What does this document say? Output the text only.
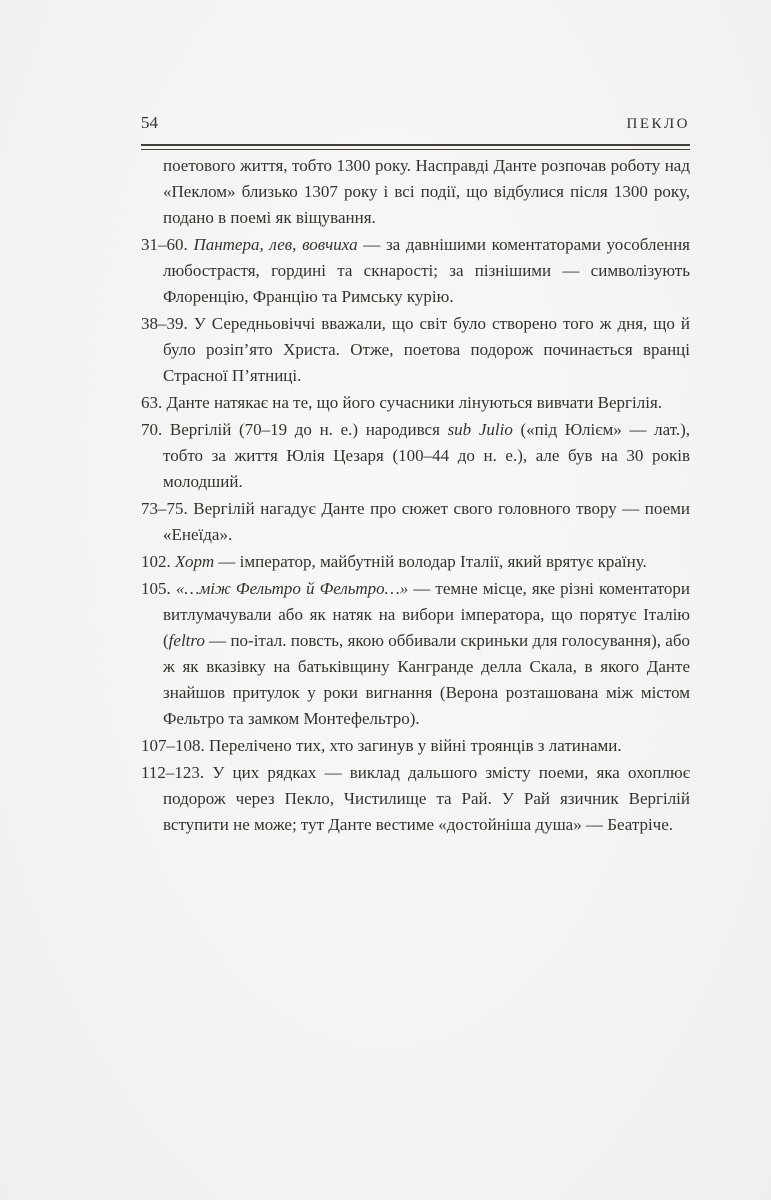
54	ПЕКЛО

поетового життя, тобто 1300 року. Насправді Данте розпочав роботу над «Пеклом» близько 1307 року і всі події, що відбулися після 1300 року, подано в поемі як віщування.

31–60. Пантера, лев, вовчиха — за давнішими коментаторами уособлення любострастя, гордині та скнарості; за пізнішими — символізують Флоренцію, Францію та Римську курію.

38–39. У Середньовіччі вважали, що світ було створено того ж дня, що й було розіп’ято Христа. Отже, поетова подорож починається вранці Страсної П’ятниці.

63. Данте натякає на те, що його сучасники лінуються вивчати Вергілія.

70. Вергілій (70–19 до н. е.) народився sub Julio («під Юлієм» — лат.), тобто за життя Юлія Цезаря (100–44 до н. е.), але був на 30 років молодший.

73–75. Вергілій нагадує Данте про сюжет свого головного твору — поеми «Енеїда».

102. Хорт — імператор, майбутній володар Італії, який врятує країну.

105. «…між Фельтро й Фельтро…» — темне місце, яке різні коментатори витлумачували або як натяк на вибори імператора, що порятує Італію (feltro — по-італ. повсть, якою оббивали скриньки для голосування), або ж як вказівку на батьківщину Кангранде делла Скала, в якого Данте знайшов притулок у роки вигнання (Верона розташована між містом Фельтро та замком Монтефельтро).

107–108. Перелічено тих, хто загинув у війні троянців з латинами.

112–123. У цих рядках — виклад дальшого змісту поеми, яка охоплює подорож через Пекло, Чистилище та Рай. У Рай язичник Вергілій вступити не може; тут Данте вестиме «достойніша душа» — Беатріче.
